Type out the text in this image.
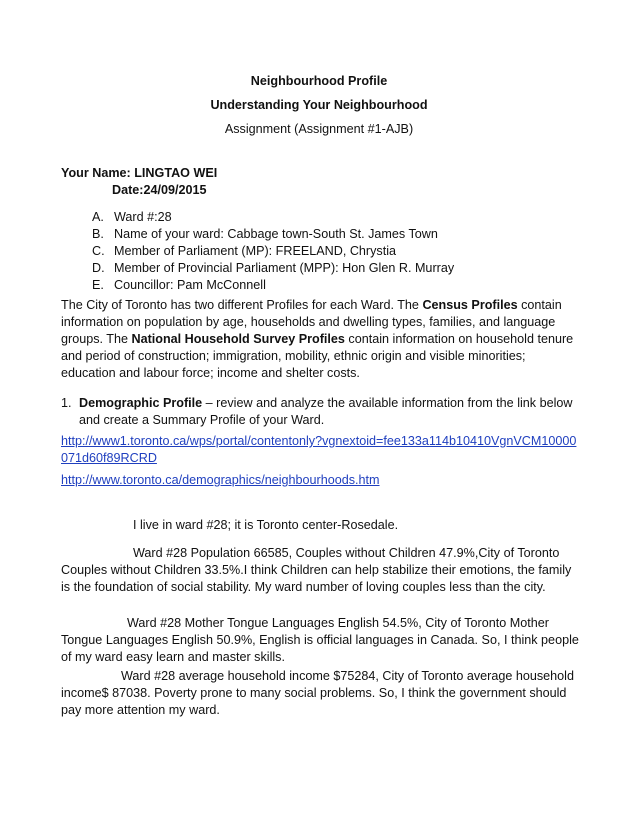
Neighbourhood Profile
Understanding Your Neighbourhood
Assignment (Assignment #1-AJB)
Your Name: LINGTAO WEI
Date:24/09/2015
A. Ward #:28
B. Name of your ward: Cabbage town-South St. James Town
C. Member of Parliament (MP): FREELAND, Chrystia
D. Member of Provincial Parliament (MPP): Hon Glen R. Murray
E. Councillor: Pam McConnell

The City of Toronto has two different Profiles for each Ward. The Census Profiles contain information on population by age, households and dwelling types, families, and language groups. The National Household Survey Profiles contain information on household tenure and period of construction; immigration, mobility, ethnic origin and visible minorities; education and labour force; income and shelter costs.

1. Demographic Profile – review and analyze the available information from the link below and create a Summary Profile of your Ward.
http://www1.toronto.ca/wps/portal/contentonly?vgnextoid=fee133a114b10410VgnVCM10000071d60f89RCRD
http://www.toronto.ca/demographics/neighbourhoods.htm
I live in ward #28; it is Toronto center-Rosedale.
Ward #28 Population 66585, Couples without Children 47.9%,City of Toronto Couples without Children 33.5%.I think Children can help stabilize their emotions, the family is the foundation of social stability. My ward number of loving couples less than the city.
Ward #28 Mother Tongue Languages English 54.5%, City of Toronto Mother Tongue Languages English 50.9%, English is official languages in Canada. So, I think people of my ward easy learn and master skills.
Ward #28 average household income $75284, City of Toronto average household income$ 87038. Poverty prone to many social problems. So, I think the government should pay more attention my ward.
